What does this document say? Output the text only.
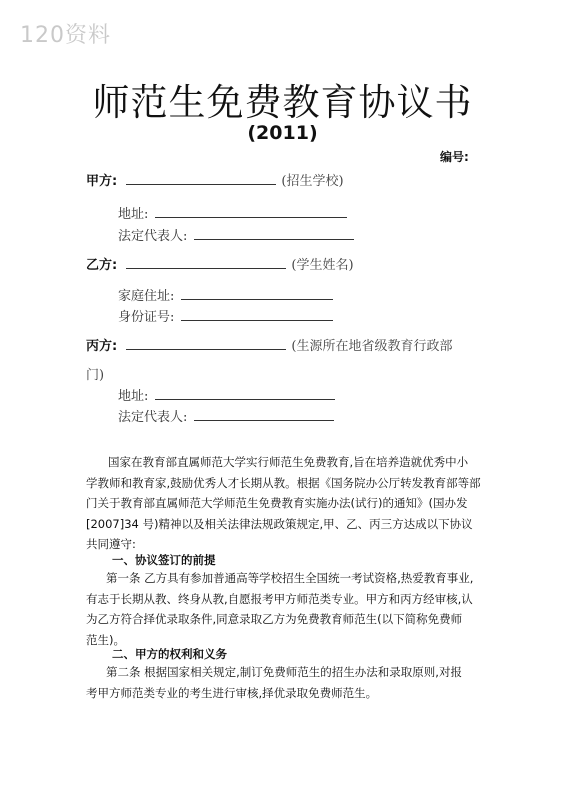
120资料
师范生免费教育协议书
(2011)
编号:
甲方:	(招生学校)
地址:
法定代表人:
乙方:	(学生姓名)
家庭住址:
身份证号:
丙方:	(生源所在地省级教育行政部
门)
地址:
法定代表人:
国家在教育部直属师范大学实行师范生免费教育,旨在培养造就优秀中小
学教师和教育家,鼓励优秀人才长期从教。根据《国务院办公厅转发教育部等部
门关于教育部直属师范大学师范生免费教育实施办法(试行)的通知》(国办发
[2007]34 号)精神以及相关法律法规政策规定,甲、乙、丙三方达成以下协议
共同遵守:
一、协议签订的前提
第一条 乙方具有参加普通高等学校招生全国统一考试资格,热爱教育事业,
有志于长期从教、终身从教,自愿报考甲方师范类专业。甲方和丙方经审核,认
为乙方符合择优录取条件,同意录取乙方为免费教育师范生(以下简称免费师
范生)。
二、甲方的权利和义务
第二条 根据国家相关规定,制订免费师范生的招生办法和录取原则,对报
考甲方师范类专业的考生进行审核,择优录取免费师范生。
